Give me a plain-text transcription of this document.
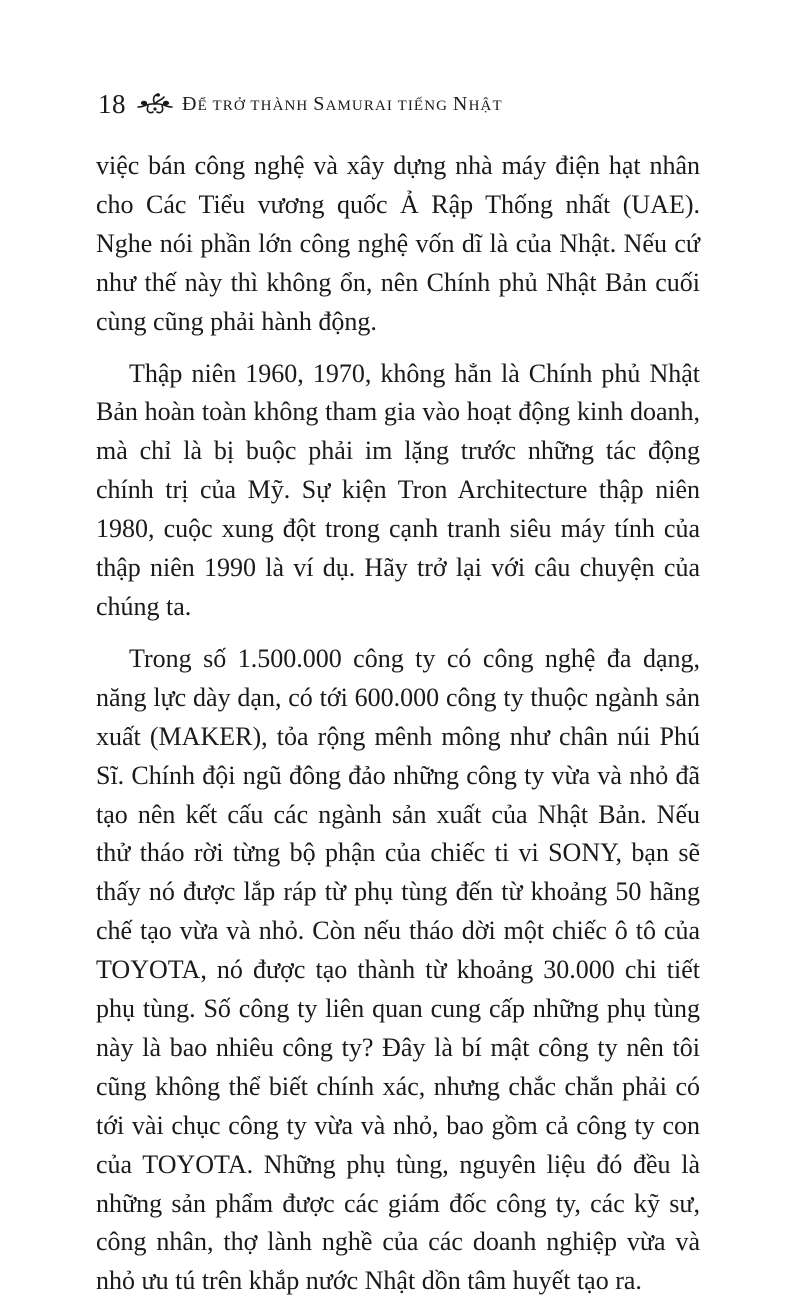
18	ĐỂ TRỞ THÀNH SAMURAI TIẾNG NHẬT

việc bán công nghệ và xây dựng nhà máy điện hạt nhân cho Các Tiểu vương quốc Ả Rập Thống nhất (UAE). Nghe nói phần lớn công nghệ vốn dĩ là của Nhật. Nếu cứ như thế này thì không ổn, nên Chính phủ Nhật Bản cuối cùng cũng phải hành động.

Thập niên 1960, 1970, không hẳn là Chính phủ Nhật Bản hoàn toàn không tham gia vào hoạt động kinh doanh, mà chỉ là bị buộc phải im lặng trước những tác động chính trị của Mỹ. Sự kiện Tron Architecture thập niên 1980, cuộc xung đột trong cạnh tranh siêu máy tính của thập niên 1990 là ví dụ. Hãy trở lại với câu chuyện của chúng ta.

Trong số 1.500.000 công ty có công nghệ đa dạng, năng lực dày dạn, có tới 600.000 công ty thuộc ngành sản xuất (MAKER), tỏa rộng mênh mông như chân núi Phú Sĩ. Chính đội ngũ đông đảo những công ty vừa và nhỏ đã tạo nên kết cấu các ngành sản xuất của Nhật Bản. Nếu thử tháo rời từng bộ phận của chiếc ti vi SONY, bạn sẽ thấy nó được lắp ráp từ phụ tùng đến từ khoảng 50 hãng chế tạo vừa và nhỏ. Còn nếu tháo dời một chiếc ô tô của TOYOTA, nó được tạo thành từ khoảng 30.000 chi tiết phụ tùng. Số công ty liên quan cung cấp những phụ tùng này là bao nhiêu công ty? Đây là bí mật công ty nên tôi cũng không thể biết chính xác, nhưng chắc chắn phải có tới vài chục công ty vừa và nhỏ, bao gồm cả công ty con của TOYOTA. Những phụ tùng, nguyên liệu đó đều là những sản phẩm được các giám đốc công ty, các kỹ sư, công nhân, thợ lành nghề của các doanh nghiệp vừa và nhỏ ưu tú trên khắp nước Nhật dồn tâm huyết tạo ra.
